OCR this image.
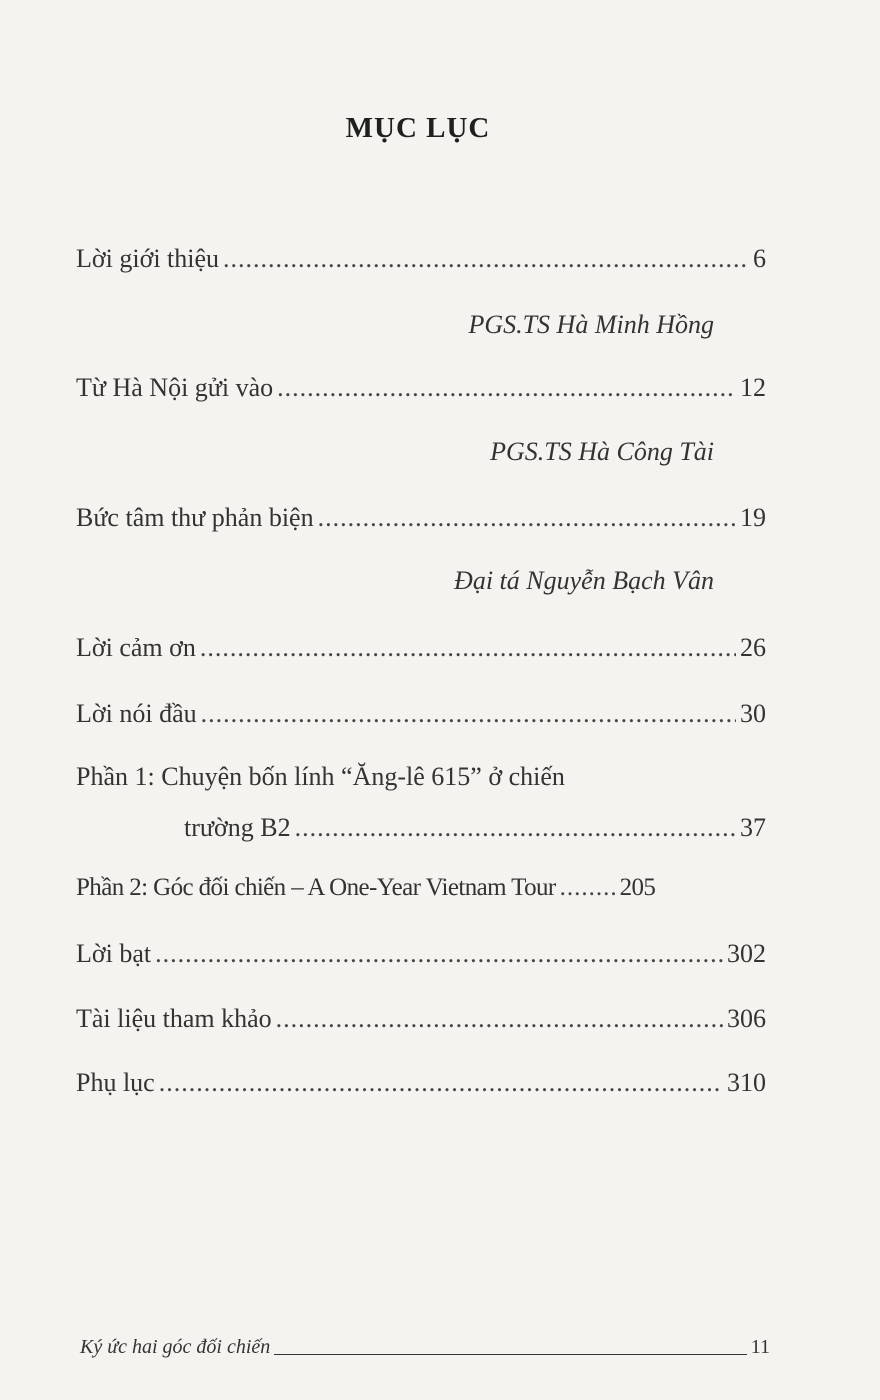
MỤC LỤC
Lời giới thiệu .....	6
PGS.TS Hà Minh Hồng
Từ Hà Nội gửi vào .....	12
PGS.TS Hà Công Tài
Bức tâm thư phản biện .....	19
Đại tá Nguyễn Bạch Vân
Lời cảm ơn .....	26
Lời nói đầu .....	30
Phần 1: Chuyện bốn lính “Ăng-lê 615” ở chiến
trường B2 .....	37
Phần 2: Góc đối chiến – A One-Year Vietnam Tour .....	205
Lời bạt .....	302
Tài liệu tham khảo .....	306
Phụ lục .....	310
Ký ức hai góc đối chiến	11
